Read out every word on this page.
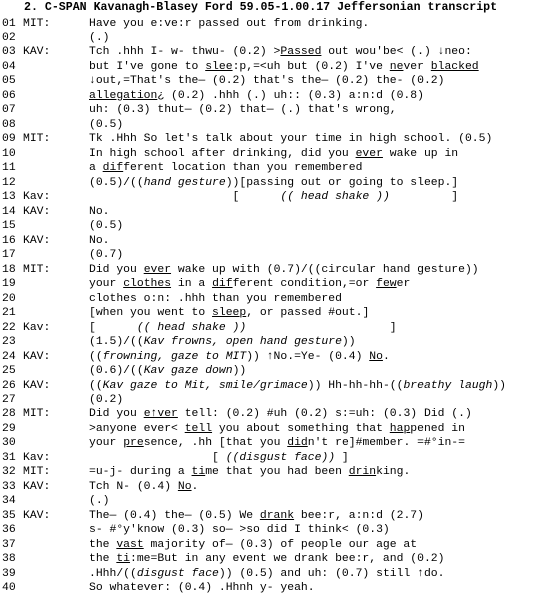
2. C-SPAN Kavanagh-Blasey Ford 59.05-1.00.17 Jeffersonian transcript

01 MIT:	Have you e:ve:r passed out from drinking.
02	(.)
03 KAV:	Tch .hhh I- w- thwu- (0.2) >Passed out wou'be< (.) ↓neo:
04	but I've gone to slee:p,=<uh but (0.2) I've never blacked
05	↓out,=That's the— (0.2) that's the— (0.2) the- (0.2)
06	allegation¿ (0.2) .hhh (.) uh:: (0.3) a:n:d (0.8)
07	uh: (0.3) thut— (0.2) that— (.) that's wrong,
08	(0.5)
09 MIT:	Tk .Hhh So let's talk about your time in high school. (0.5)
10	In high school after drinking, did you ever wake up in
11	a different location than you remembered
12	(0.5)/((hand gesture))[passing out or going to sleep.]
13 Kav:	[      (( head shake ))         ]
14 KAV:	No.
15	(0.5)
16 KAV:	No.
17	(0.7)
18 MIT:	Did you ever wake up with (0.7)/((circular hand gesture))
19	your clothes in a different condition,=or fewer
20	clothes o:n: .hhh than you remembered
21	[when you went to sleep, or passed #out.]
22 Kav:	[      (( head shake ))                     ]
23	(1.5)/((Kav frowns, open hand gesture))
24 KAV:	((frowning, gaze to MIT)) ↑No.=Ye- (0.4) No.
25	(0.6)/((Kav gaze down))
26 KAV:	((Kav gaze to Mit, smile/grimace)) Hh-hh-hh-((breathy laugh))
27	(0.2)
28 MIT:	Did you e↑ver tell: (0.2) #uh (0.2) s:=uh: (0.3) Did (.)
29	>anyone ever< tell you about something that happened in
30	your presence, .hh [that you didn't re]#member. =#°in-=
31 Kav:	[ ((disgust face)) ]
32 MIT:	=u-j- during a time that you had been drinking.
33 KAV:	Tch N- (0.4) No.
34	(.)
35 KAV:	The— (0.4) the— (0.5) We drank bee:r, a:n:d (2.7)
36	s- #°y'know (0.3) so— >so did I think< (0.3)
37	the vast majority of— (0.3) of people our age at
38	the ti:me=But in any event we drank bee:r, and (0.2)
39	.Hhh/((disgust face)) (0.5) and uh: (0.7) still ↑do.
40	So whatever: (0.4) .Hhnh y- yeah.
